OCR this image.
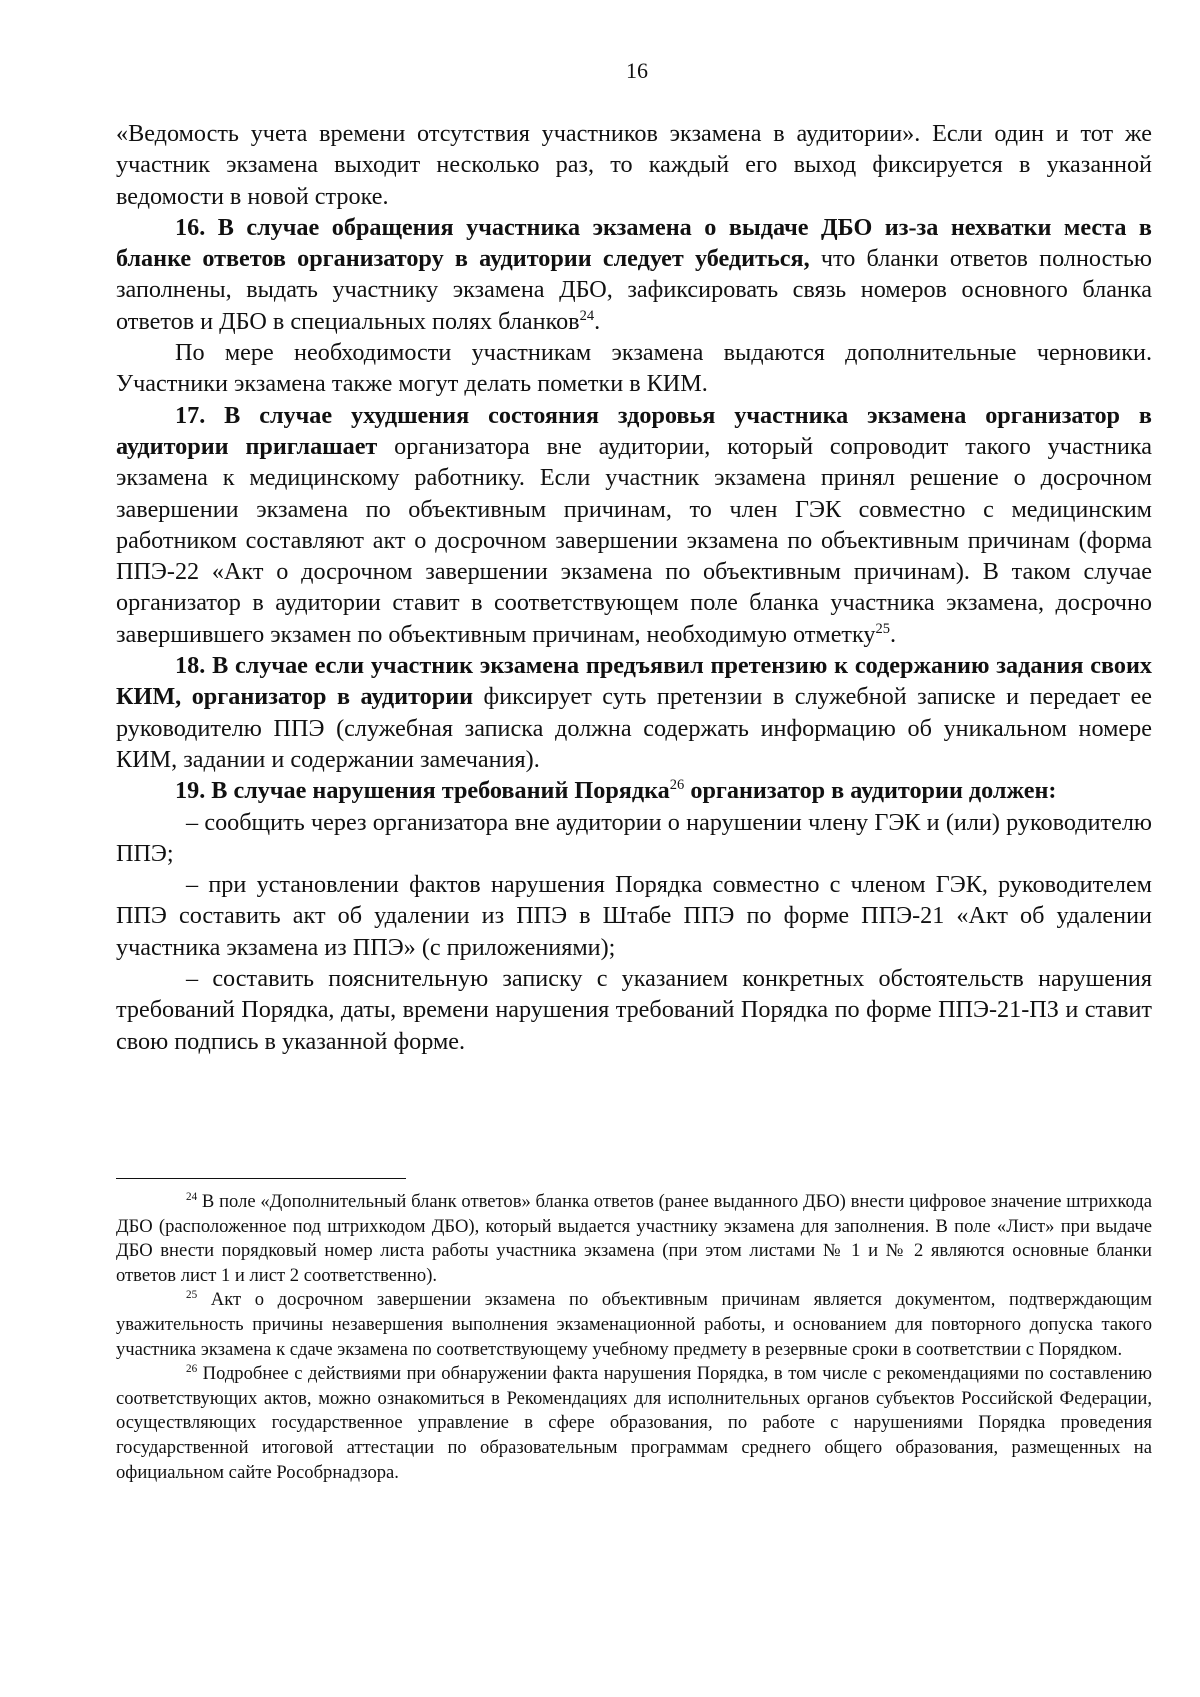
16

«Ведомость учета времени отсутствия участников экзамена в аудитории». Если один и тот же участник экзамена выходит несколько раз, то каждый его выход фиксируется в указанной ведомости в новой строке.

16. В случае обращения участника экзамена о выдаче ДБО из-за нехватки места в бланке ответов организатору в аудитории следует убедиться, что бланки ответов полностью заполнены, выдать участнику экзамена ДБО, зафиксировать связь номеров основного бланка ответов и ДБО в специальных полях бланков$^{24}$.

По мере необходимости участникам экзамена выдаются дополнительные черновики. Участники экзамена также могут делать пометки в КИМ.

17. В случае ухудшения состояния здоровья участника экзамена организатор в аудитории приглашает организатора вне аудитории, который сопроводит такого участника экзамена к медицинскому работнику. Если участник экзамена принял решение о досрочном завершении экзамена по объективным причинам, то член ГЭК совместно с медицинским работником составляют акт о досрочном завершении экзамена по объективным причинам (форма ППЭ-22 «Акт о досрочном завершении экзамена по объективным причинам). В таком случае организатор в аудитории ставит в соответствующем поле бланка участника экзамена, досрочно завершившего экзамен по объективным причинам, необходимую отметку$^{25}$.

18. В случае если участник экзамена предъявил претензию к содержанию задания своих КИМ, организатор в аудитории фиксирует суть претензии в служебной записке и передает ее руководителю ППЭ (служебная записка должна содержать информацию об уникальном номере КИМ, задании и содержании замечания).

19. В случае нарушения требований Порядка$^{26}$ организатор в аудитории должен:

– сообщить через организатора вне аудитории о нарушении члену ГЭК и (или) руководителю ППЭ;

– при установлении фактов нарушения Порядка совместно с членом ГЭК, руководителем ППЭ составить акт об удалении из ППЭ в Штабе ППЭ по форме ППЭ-21 «Акт об удалении участника экзамена из ППЭ» (с приложениями);

– составить пояснительную записку с указанием конкретных обстоятельств нарушения требований Порядка, даты, времени нарушения требований Порядка по форме ППЭ-21-ПЗ и ставит свою подпись в указанной форме.

$^{24}$ В поле «Дополнительный бланк ответов» бланка ответов (ранее выданного ДБО) внести цифровое значение штрихкода ДБО (расположенное под штрихкодом ДБО), который выдается участнику экзамена для заполнения. В поле «Лист» при выдаче ДБО внести порядковый номер листа работы участника экзамена (при этом листами № 1 и № 2 являются основные бланки ответов лист 1 и лист 2 соответственно).

$^{25}$ Акт о досрочном завершении экзамена по объективным причинам является документом, подтверждающим уважительность причины незавершения выполнения экзаменационной работы, и основанием для повторного допуска такого участника экзамена к сдаче экзамена по соответствующему учебному предмету в резервные сроки в соответствии с Порядком.

$^{26}$ Подробнее с действиями при обнаружении факта нарушения Порядка, в том числе с рекомендациями по составлению соответствующих актов, можно ознакомиться в Рекомендациях для исполнительных органов субъектов Российской Федерации, осуществляющих государственное управление в сфере образования, по работе с нарушениями Порядка проведения государственной итоговой аттестации по образовательным программам среднего общего образования, размещенных на официальном сайте Рособрнадзора.
